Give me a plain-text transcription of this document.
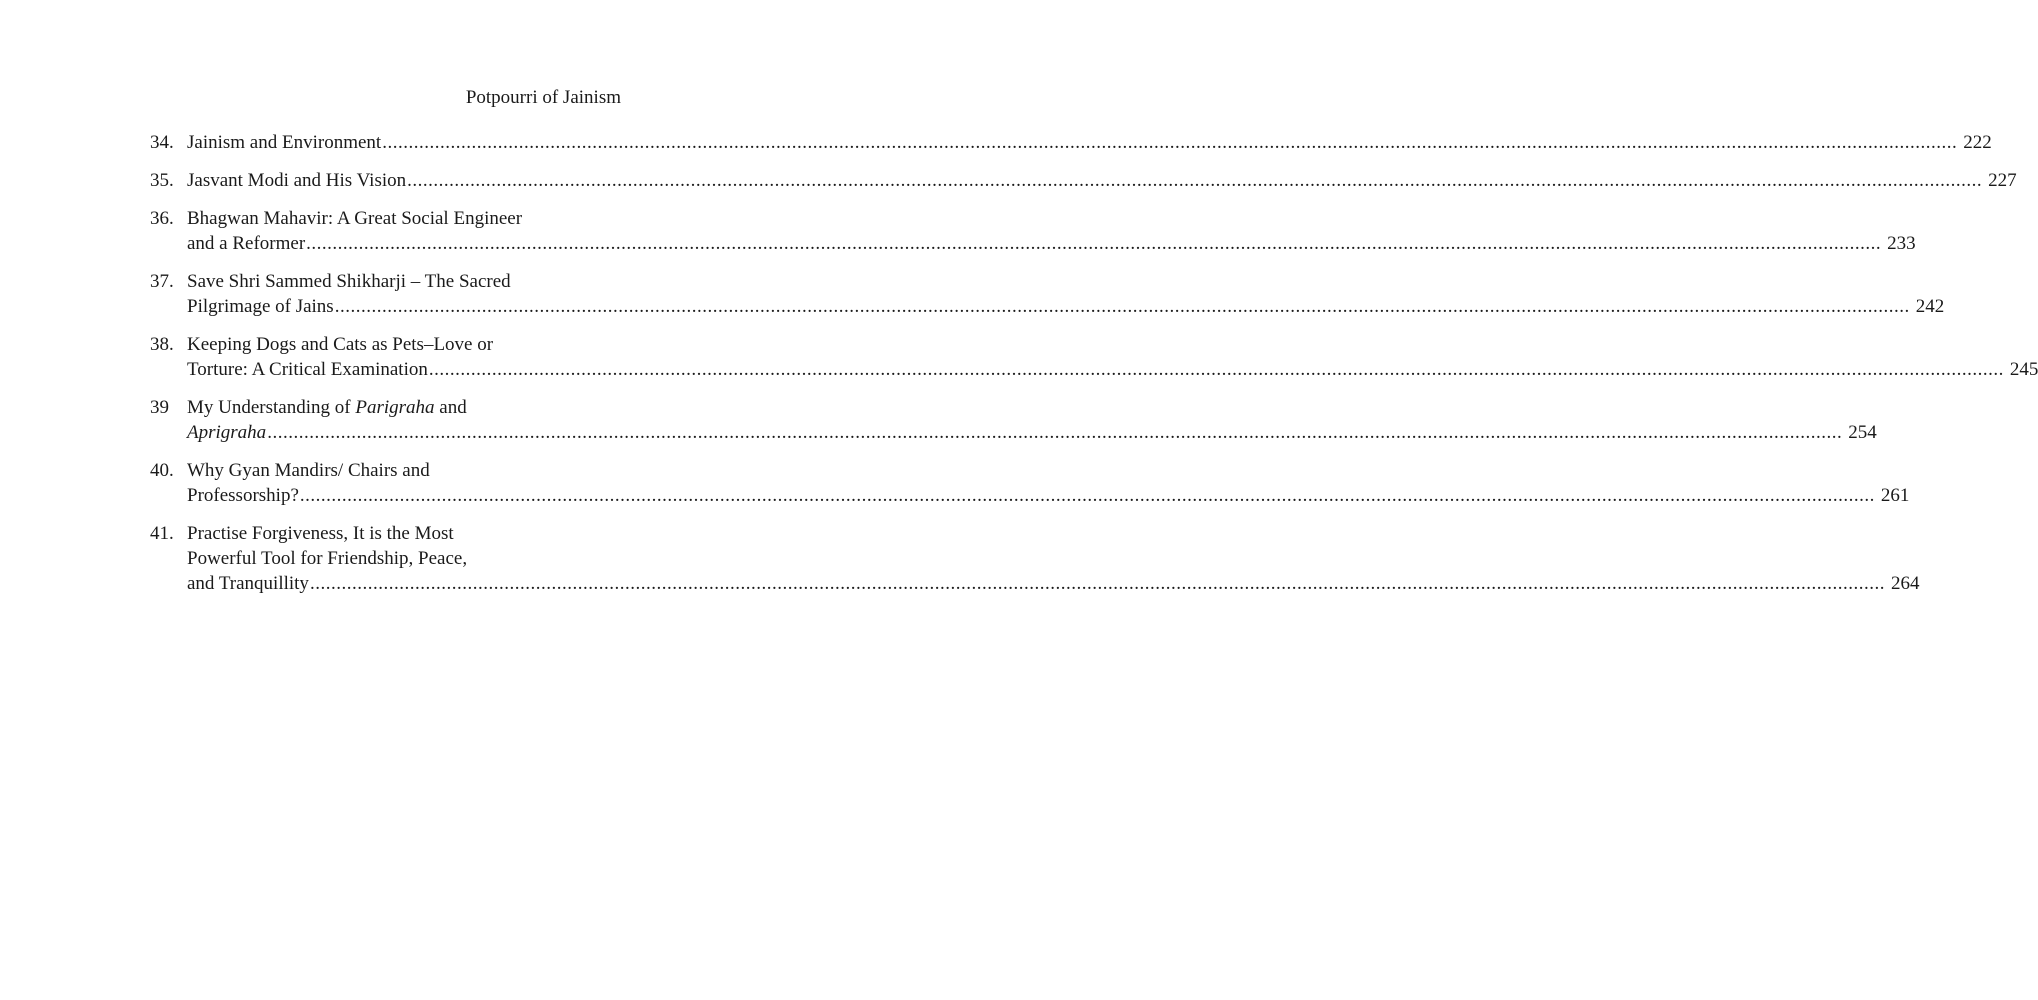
Potpourri of Jainism
34. Jainism and Environment ............................................................................................................................................................................................................................................................................................................ 222
35. Jasvant Modi and His Vision ............................................................................................................................................................................................................................................................................................................ 227
36. Bhagwan Mahavir: A Great Social Engineer
and a Reformer ............................................................................................................................................................................................................................................................................................................ 233
37. Save Shri Sammed Shikharji – The Sacred
Pilgrimage of Jains ............................................................................................................................................................................................................................................................................................................ 242
38. Keeping Dogs and Cats as Pets–Love or
Torture: A Critical Examination ............................................................................................................................................................................................................................................................................................................ 245
39 My Understanding of Parigraha and
Aprigraha ............................................................................................................................................................................................................................................................................................................ 254
40. Why Gyan Mandirs/ Chairs and
Professorship? ............................................................................................................................................................................................................................................................................................................ 261
41. Practise Forgiveness, It is the Most
Powerful Tool for Friendship, Peace,
and Tranquillity ............................................................................................................................................................................................................................................................................................................ 264
